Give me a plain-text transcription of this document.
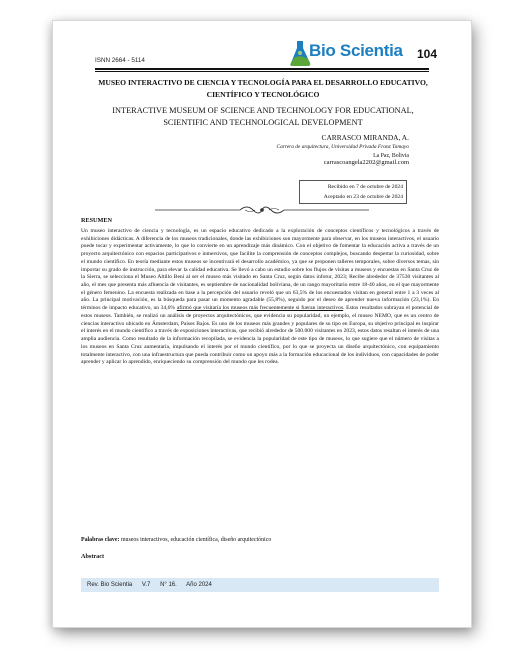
ISNN 2664 - 5114
Bio Scientia 104
MUSEO INTERACTIVO DE CIENCIA Y TECNOLOGÍA PARA EL DESARROLLO EDUCATIVO, CIENTÍFICO Y TECNOLÓGICO
INTERACTIVE MUSEUM OF SCIENCE AND TECHNOLOGY FOR EDUCATIONAL, SCIENTIFIC AND TECHNOLOGICAL DEVELOPMENT
CARRASCO MIRANDA, A.
Carrera de arquitectura, Universidad Privada Franz Tamayo
La Paz, Bolivia
carrascoangela2202@gmail.com
Recibido en 7 de octubre de 2024
Aceptado en 23 de octubre de 2024
RESUMEN
Un museo interactivo de ciencia y tecnología, es un espacio educativo dedicado a la exploración de conceptos científicos y tecnológicos a través de exhibiciones didácticas. A diferencia de los museos tradicionales, donde las exhibiciones son mayormente para observar, en los museos interactivos, el usuario puede tocar y experimentar activamente, lo que lo convierte en un aprendizaje más dinámico. Con el objetivo de fomentar la educación activa a través de un proyecto arquitectónico con espacios participativos e inmersivos, que facilite la comprensión de conceptos complejos, buscando despertar la curiosidad, sobre el mundo científico. En teoría mediante estos museos se incentivará el desarrollo académico, ya que se proponen talleres temporales, sobre diversos temas, sin importar su grado de instrucción, para elevar la calidad educativa. Se llevó a cabo un estudio sobre los flujos de visitas a museos y encuestas en Santa Cruz de la Sierra, se selecciona el Museo Altillo Beni al ser el museo más visitado en Santa Cruz, según datos infotur, 2023; Recibe alrededor de 37530 visitantes al año, el mes que presenta más afluencia de visitantes, es septiembre de nacionalidad boliviana, de un rango mayoritario entre 18-40 años, en el que mayormente el género femenino. La encuesta realizada en base a la percepción del usuario reveló que un 63,5% de los encuestados visitan en general entre 1 a 3 veces al año. La principal motivación, es la búsqueda para pasar un momento agradable (55,8%), seguido por el deseo de aprender nueva información (23,1%). En términos de impacto educativo, un 34,6% afirmó que visitaría los museos más frecuentemente si fueran interactivos. Estos resultados subrayan el potencial de estos museos. También, se realizó un análisis de proyectos arquitectónicos, que evidencia su popularidad, un ejemplo, el museo NEMO, que es un centro de ciencias interactivo ubicado en Ámsterdam, Países Bajos. Es uno de los museos más grandes y populares de su tipo en Europa, su objetivo principal es inspirar el interés en el mundo científico a través de exposiciones interactivas, que recibió alrededor de 500.000 visitantes en 2023, estos datos resaltan el interés de una amplia audiencia. Como resultado de la información recopilada, se evidencia la popularidad de este tipo de museos, lo que sugiere que el número de visitas a los museos en Santa Cruz aumentaría, impulsando el interés por el mundo científico, por lo que se proyecta un diseño arquitectónico, con equipamiento totalmente interactivo, con una infraestructura que pueda contribuir como un apoyo más a la formación educacional de los individuos, con capacidades de poder aprender y aplicar lo aprendido, enriqueciendo su comprensión del mundo que les rodea.
Palabras clave: museos interactivos, educación científica, diseño arquitectónico
Abstract
Rev. Bio Scientia V.7 N° 16. Año 2024
